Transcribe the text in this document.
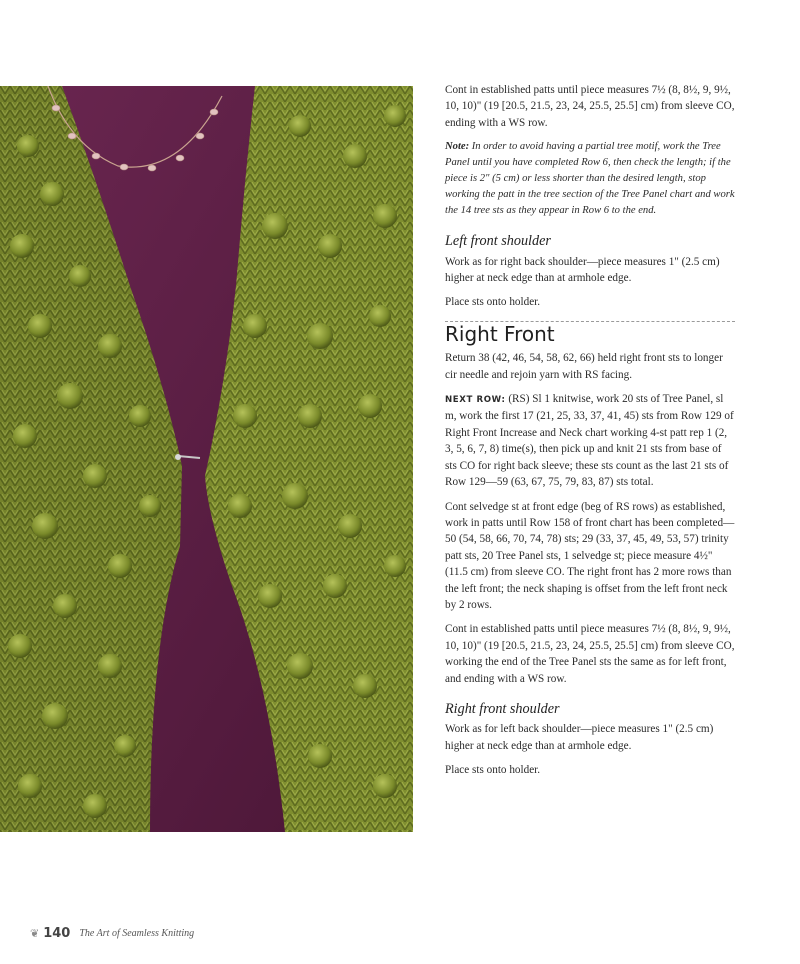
Cont in established patts until piece measures 7½ (8, 8½, 9, 9½, 10, 10)" (19 [20.5, 21.5, 23, 24, 25.5, 25.5] cm) from sleeve CO, ending with a WS row.

Note: In order to avoid having a partial tree motif, work the Tree Panel until you have completed Row 6, then check the length; if the piece is 2" (5 cm) or less shorter than the desired length, stop working the patt in the tree section of the Tree Panel chart and work the 14 tree sts as they appear in Row 6 to the end.

Left front shoulder

Work as for right back shoulder—piece measures 1" (2.5 cm) higher at neck edge than at armhole edge.

Place sts onto holder.

Right Front

Return 38 (42, 46, 54, 58, 62, 66) held right front sts to longer cir needle and rejoin yarn with RS facing.

NEXT ROW: (RS) Sl 1 knitwise, work 20 sts of Tree Panel, sl m, work the first 17 (21, 25, 33, 37, 41, 45) sts from Row 129 of Right Front Increase and Neck chart working 4-st patt rep 1 (2, 3, 5, 6, 7, 8) time(s), then pick up and knit 21 sts from base of sts CO for right back sleeve; these sts count as the last 21 sts of Row 129—59 (63, 67, 75, 79, 83, 87) sts total.

Cont selvedge st at front edge (beg of RS rows) as established, work in patts until Row 158 of front chart has been completed—50 (54, 58, 66, 70, 74, 78) sts; 29 (33, 37, 45, 49, 53, 57) trinity patt sts, 20 Tree Panel sts, 1 selvedge st; piece measure 4½" (11.5 cm) from sleeve CO. The right front has 2 more rows than the left front; the neck shaping is offset from the left front neck by 2 rows.

Cont in established patts until piece measures 7½ (8, 8½, 9, 9½, 10, 10)" (19 [20.5, 21.5, 23, 24, 25.5, 25.5] cm) from sleeve CO, working the end of the Tree Panel sts the same as for left front, and ending with a WS row.

Right front shoulder

Work as for left back shoulder—piece measures 1" (2.5 cm) higher at neck edge than at armhole edge.

Place sts onto holder.

❦ 140 The Art of Seamless Knitting
